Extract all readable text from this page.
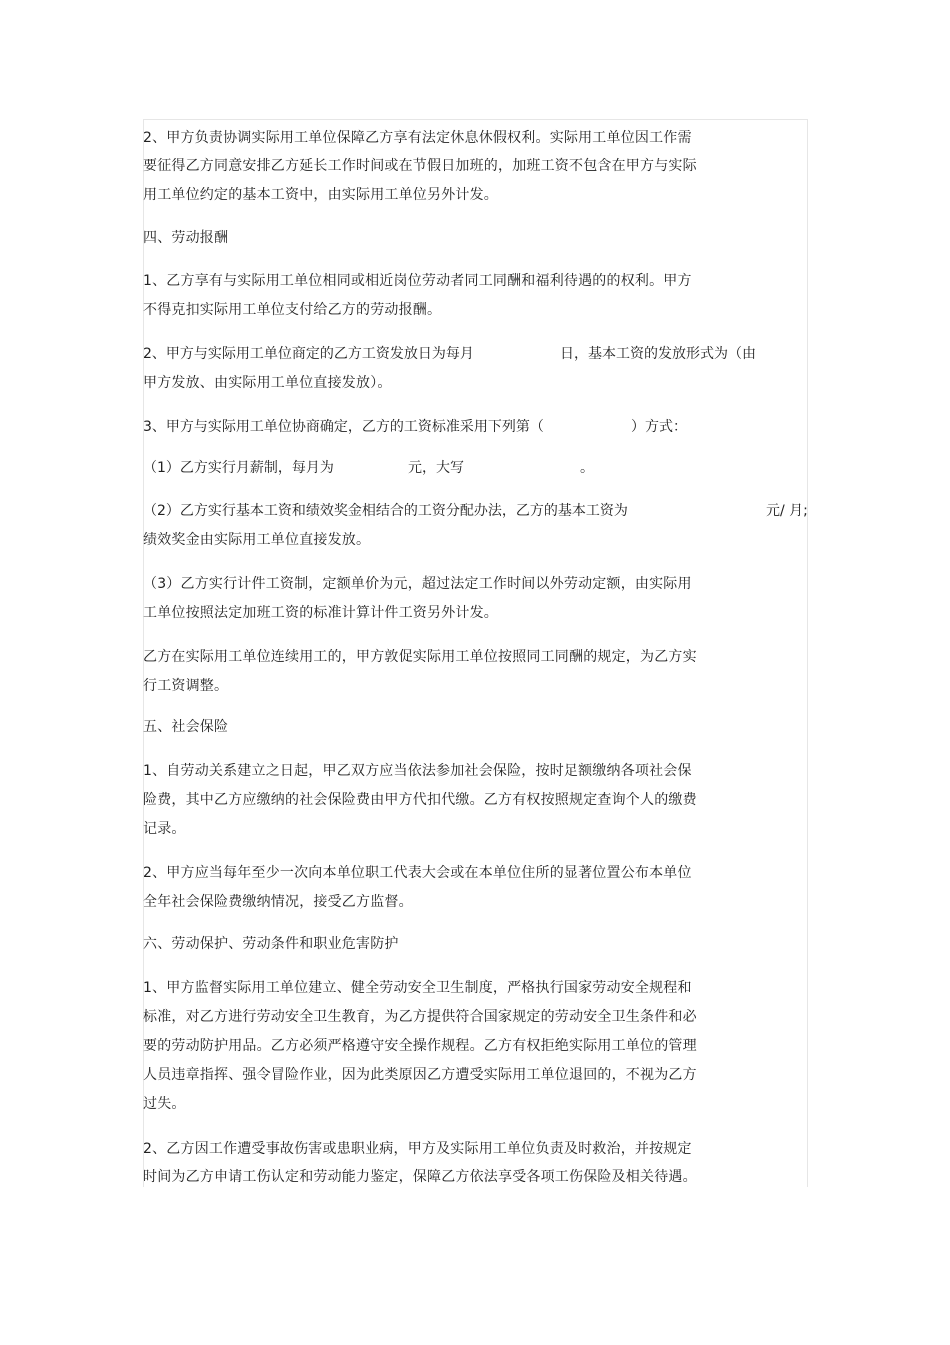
2、甲方负责协调实际用工单位保障乙方享有法定休息休假权利。实际用工单位因工作需
要征得乙方同意安排乙方延长工作时间或在节假日加班的，加班工资不包含在甲方与实际
用工单位约定的基本工资中，由实际用工单位另外计发。
四、劳动报酬
1、乙方享有与实际用工单位相同或相近岗位劳动者同工同酬和福利待遇的的权利。甲方
不得克扣实际用工单位支付给乙方的劳动报酬。
2、甲方与实际用工单位商定的乙方工资发放日为每月	日，基本工资的发放形式为（由
甲方发放、由实际用工单位直接发放）。
3、甲方与实际用工单位协商确定，乙方的工资标准采用下列第（	）方式：
（1）乙方实行月薪制，每月为	元，大写	。
（2）乙方实行基本工资和绩效奖金相结合的工资分配办法，乙方的基本工资为	元/ 月;
绩效奖金由实际用工单位直接发放。
（3）乙方实行计件工资制，定额单价为元，超过法定工作时间以外劳动定额，由实际用
工单位按照法定加班工资的标准计算计件工资另外计发。
乙方在实际用工单位连续用工的，甲方敦促实际用工单位按照同工同酬的规定，为乙方实
行工资调整。
五、社会保险
1、自劳动关系建立之日起，甲乙双方应当依法参加社会保险，按时足额缴纳各项社会保
险费，其中乙方应缴纳的社会保险费由甲方代扣代缴。乙方有权按照规定查询个人的缴费
记录。
2、甲方应当每年至少一次向本单位职工代表大会或在本单位住所的显著位置公布本单位
全年社会保险费缴纳情况，接受乙方监督。
六、劳动保护、劳动条件和职业危害防护
1、甲方监督实际用工单位建立、健全劳动安全卫生制度，严格执行国家劳动安全规程和
标准，对乙方进行劳动安全卫生教育，为乙方提供符合国家规定的劳动安全卫生条件和必
要的劳动防护用品。乙方必须严格遵守安全操作规程。乙方有权拒绝实际用工单位的管理
人员违章指挥、强令冒险作业，因为此类原因乙方遭受实际用工单位退回的，不视为乙方
过失。
2、乙方因工作遭受事故伤害或患职业病，甲方及实际用工单位负责及时救治，并按规定
时间为乙方申请工伤认定和劳动能力鉴定，保障乙方依法享受各项工伤保险及相关待遇。
